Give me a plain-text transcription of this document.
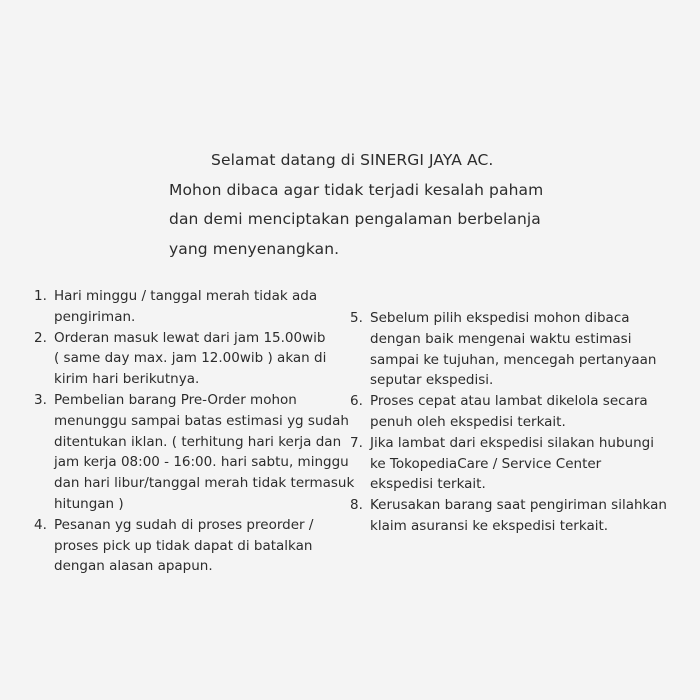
Selamat datang di SINERGI JAYA AC.
Mohon dibaca agar tidak terjadi kesalah paham
dan demi menciptakan pengalaman berbelanja
yang menyenangkan.
1. Hari minggu / tanggal merah tidak ada
pengiriman.
2. Orderan masuk lewat dari jam 15.00wib
( same day max. jam 12.00wib ) akan di
kirim hari berikutnya.
3. Pembelian barang Pre-Order mohon
menunggu sampai batas estimasi yg sudah
ditentukan iklan. ( terhitung hari kerja dan
jam kerja 08:00 - 16:00. hari sabtu, minggu
dan hari libur/tanggal merah tidak termasuk
hitungan )
4. Pesanan yg sudah di proses preorder /
proses pick up tidak dapat di batalkan
dengan alasan apapun.
5. Sebelum pilih ekspedisi mohon dibaca
dengan baik mengenai waktu estimasi
sampai ke tujuhan, mencegah pertanyaan
seputar ekspedisi.
6. Proses cepat atau lambat dikelola secara
penuh oleh ekspedisi terkait.
7. Jika lambat dari ekspedisi silakan hubungi
ke TokopediaCare / Service Center
ekspedisi terkait.
8. Kerusakan barang saat pengiriman silahkan
klaim asuransi ke ekspedisi terkait.
